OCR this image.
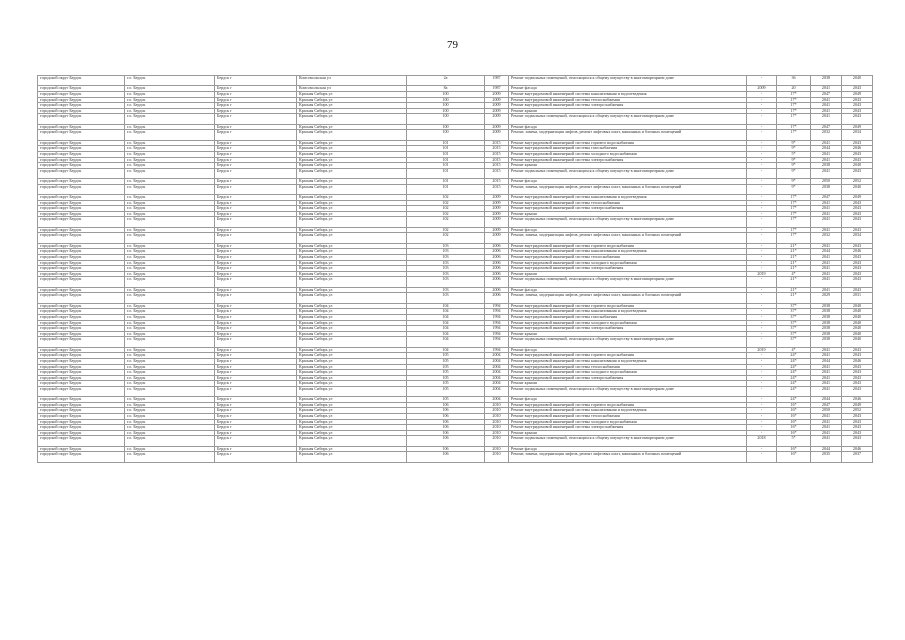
79
городской округ Бердск	г.о. Бердск	Бердск г	Комсомольская ул	2а	1987	Ремонт подвальных помещений, относящихся к общему имуществу в многоквартирном доме	-	36	2038	2040
городской округ Бердск	г.о. Бердск	Бердск г	Комсомольская ул	8а	1987	Ремонт фасада	2009	20	2041	2043
городской округ Бердск	г.о. Бердск	Бердск г	Красная Сибирь ул	100	2009	Ремонт внутридомовой инженерной системы канализования и водоотведения	-	17*	2047	2049
городской округ Бердск	г.о. Бердск	Бердск г	Красная Сибирь ул	100	2009	Ремонт внутридомовой инженерной системы теплоснабжения	-	17*	2041	2043
городской округ Бердск	г.о. Бердск	Бердск г	Красная Сибирь ул	100	2009	Ремонт внутридомовой инженерной системы электроснабжения	-	17*	2041	2043
городской округ Бердск	г.о. Бердск	Бердск г	Красная Сибирь ул	100	2009	Ремонт крыши	-	17*	2041	2043
городской округ Бердск	г.о. Бердск	Бердск г	Красная Сибирь ул	100	2009	Ремонт подвальных помещений, относящихся к общему имуществу в многоквартирном доме	-	17*	2041	2043
городской округ Бердск	г.о. Бердск	Бердск г	Красная Сибирь ул	100	2009	Ремонт фасада	-	17*	2047	2049
городской округ Бердск	г.о. Бердск	Бердск г	Красная Сибирь ул	100	2009	Ремонт, замена, модернизация лифтов, ремонт лифтовых шахт, машинных и блочных помещений	-	17*	2032	2034
городской округ Бердск	г.о. Бердск	Бердск г	Красная Сибирь ул	101	2015	Ремонт внутридомовой инженерной системы горячего водоснабжения	-	9*	2041	2043
городской округ Бердск	г.о. Бердск	Бердск г	Красная Сибирь ул	101	2015	Ремонт внутридомовой инженерной системы газоснабжения	-	9*	2044	2046
городской округ Бердск	г.о. Бердск	Бердск г	Красная Сибирь ул	101	2015	Ремонт внутридомовой инженерной системы холодного водоснабжения	-	5*	2041	2043
городской округ Бердск	г.о. Бердск	Бердск г	Красная Сибирь ул	101	2015	Ремонт внутридомовой инженерной системы электроснабжения	-	9*	2041	2043
городской округ Бердск	г.о. Бердск	Бердск г	Красная Сибирь ул	101	2015	Ремонт крыши	-	9*	2038	2040
городской округ Бердск	г.о. Бердск	Бердск г	Красная Сибирь ул	101	2015	Ремонт подвальных помещений, относящихся к общему имуществу в многоквартирном доме	-	9*	2041	2043
городской округ Бердск	г.о. Бердск	Бердск г	Красная Сибирь ул	101	2015	Ремонт фасада	-	9*	2050	2052
городской округ Бердск	г.о. Бердск	Бердск г	Красная Сибирь ул	101	2015	Ремонт, замена, модернизация лифтов, ремонт лифтовых шахт, машинных и блочных помещений	-	9*	2038	2040
городской округ Бердск	г.о. Бердск	Бердск г	Красная Сибирь ул	102	2009	Ремонт внутридомовой инженерной системы канализования и водоотведения	-	17*	2047	2049
городской округ Бердск	г.о. Бердск	Бердск г	Красная Сибирь ул	102	2009	Ремонт внутридомовой инженерной системы теплоснабжения	-	17*	2041	2043
городской округ Бердск	г.о. Бердск	Бердск г	Красная Сибирь ул	102	2009	Ремонт внутридомовой инженерной системы электроснабжения	-	17*	2041	2043
городской округ Бердск	г.о. Бердск	Бердск г	Красная Сибирь ул	102	2009	Ремонт крыши	-	17*	2041	2043
городской округ Бердск	г.о. Бердск	Бердск г	Красная Сибирь ул	102	2009	Ремонт подвальных помещений, относящихся к общему имуществу в многоквартирном доме	-	17*	2041	2043
городской округ Бердск	г.о. Бердск	Бердск г	Красная Сибирь ул	102	2009	Ремонт фасада	-	17*	2041	2043
городской округ Бердск	г.о. Бердск	Бердск г	Красная Сибирь ул	102	2009	Ремонт, замена, модернизация лифтов, ремонт лифтовых шахт, машинных и блочных помещений	-	17*	2032	2034
городской округ Бердск	г.о. Бердск	Бердск г	Красная Сибирь ул	103	2006	Ремонт внутридомовой инженерной системы горячего водоснабжения	-	21*	2041	2043
городской округ Бердск	г.о. Бердск	Бердск г	Красная Сибирь ул	103	2006	Ремонт внутридомовой инженерной системы канализования и водоотведения	-	21*	2044	2046
городской округ Бердск	г.о. Бердск	Бердск г	Красная Сибирь ул	103	2006	Ремонт внутридомовой инженерной системы теплоснабжения	-	21*	2041	2043
городской округ Бердск	г.о. Бердск	Бердск г	Красная Сибирь ул	103	2006	Ремонт внутридомовой инженерной системы холодного водоснабжения	-	21*	2041	2043
городской округ Бердск	г.о. Бердск	Бердск г	Красная Сибирь ул	103	2006	Ремонт внутридомовой инженерной системы электроснабжения	-	21*	2041	2043
городской округ Бердск	г.о. Бердск	Бердск г	Красная Сибирь ул	103	2006	Ремонт крыши	2019	4*	2041	2043
городской округ Бердск	г.о. Бердск	Бердск г	Красная Сибирь ул	103	2006	Ремонт подвальных помещений, относящихся к общему имуществу в многоквартирном доме	-	21*	2041	2043
городской округ Бердск	г.о. Бердск	Бердск г	Красная Сибирь ул	103	2006	Ремонт фасада	-	21*	2041	2043
городской округ Бердск	г.о. Бердск	Бердск г	Красная Сибирь ул	103	2006	Ремонт, замена, модернизация лифтов, ремонт лифтовых шахт, машинных и блочных помещений	-	21*	2029	2031
городской округ Бердск	г.о. Бердск	Бердск г	Красная Сибирь ул	104	1994	Ремонт внутридомовой инженерной системы горячего водоснабжения	-	37*	2038	2040
городской округ Бердск	г.о. Бердск	Бердск г	Красная Сибирь ул	104	1994	Ремонт внутридомовой инженерной системы канализования и водоотведения	-	37*	2038	2040
городской округ Бердск	г.о. Бердск	Бердск г	Красная Сибирь ул	104	1994	Ремонт внутридомовой инженерной системы газоснабжения	-	37*	2038	2040
городской округ Бердск	г.о. Бердск	Бердск г	Красная Сибирь ул	104	1994	Ремонт внутридомовой инженерной системы холодного водоснабжения	-	37*	2038	2040
городской округ Бердск	г.о. Бердск	Бердск г	Красная Сибирь ул	104	1994	Ремонт внутридомовой инженерной системы электроснабжения	-	37*	2038	2040
городской округ Бердск	г.о. Бердск	Бердск г	Красная Сибирь ул	104	1994	Ремонт крыши	-	37*	2038	2040
городской округ Бердск	г.о. Бердск	Бердск г	Красная Сибирь ул	104	1994	Ремонт подвальных помещений, относящихся к общему имуществу в многоквартирном доме	-	37*	2038	2040
городской округ Бердск	г.о. Бердск	Бердск г	Красная Сибирь ул	104	1994	Ремонт фасада	2019	4*	2041	2043
городской округ Бердск	г.о. Бердск	Бердск г	Красная Сибирь ул	105	2004	Ремонт внутридомовой инженерной системы горячего водоснабжения	-	24*	2041	2043
городской округ Бердск	г.о. Бердск	Бердск г	Красная Сибирь ул	105	2004	Ремонт внутридомовой инженерной системы канализования и водоотведения	-	24*	2044	2046
городской округ Бердск	г.о. Бердск	Бердск г	Красная Сибирь ул	105	2004	Ремонт внутридомовой инженерной системы теплоснабжения	-	24*	2041	2043
городской округ Бердск	г.о. Бердск	Бердск г	Красная Сибирь ул	105	2004	Ремонт внутридомовой инженерной системы холодного водоснабжения	-	24*	2041	2043
городской округ Бердск	г.о. Бердск	Бердск г	Красная Сибирь ул	105	2004	Ремонт внутридомовой инженерной системы электроснабжения	-	24*	2041	2043
городской округ Бердск	г.о. Бердск	Бердск г	Красная Сибирь ул	105	2004	Ремонт крыши	-	24*	2041	2043
городской округ Бердск	г.о. Бердск	Бердск г	Красная Сибирь ул	105	2004	Ремонт подвальных помещений, относящихся к общему имуществу в многоквартирном доме	-	24*	2041	2043
городской округ Бердск	г.о. Бердск	Бердск г	Красная Сибирь ул	105	2004	Ремонт фасада	-	24*	2044	2046
городской округ Бердск	г.о. Бердск	Бердск г	Красная Сибирь ул	106	2010	Ремонт внутридомовой инженерной системы горячего водоснабжения	-	16*	2047	2049
городской округ Бердск	г.о. Бердск	Бердск г	Красная Сибирь ул	106	2010	Ремонт внутридомовой инженерной системы канализования и водоотведения	-	16*	2050	2052
городской округ Бердск	г.о. Бердск	Бердск г	Красная Сибирь ул	106	2010	Ремонт внутридомовой инженерной системы теплоснабжения	-	16*	2041	2043
городской округ Бердск	г.о. Бердск	Бердск г	Красная Сибирь ул	106	2010	Ремонт внутридомовой инженерной системы холодного водоснабжения	-	16*	2041	2043
городской округ Бердск	г.о. Бердск	Бердск г	Красная Сибирь ул	106	2010	Ремонт внутридомовой инженерной системы электроснабжения	-	16*	2041	2043
городской округ Бердск	г.о. Бердск	Бердск г	Красная Сибирь ул	106	2010	Ремонт крыши	-	16*	2041	2043
городской округ Бердск	г.о. Бердск	Бердск г	Красная Сибирь ул	106	2010	Ремонт подвальных помещений, относящихся к общему имуществу в многоквартирном доме	2018	5*	2041	2043
городской округ Бердск	г.о. Бердск	Бердск г	Красная Сибирь ул	106	2010	Ремонт фасада	-	16*	2044	2046
городской округ Бердск	г.о. Бердск	Бердск г	Красная Сибирь ул	106	2010	Ремонт, замена, модернизация лифтов, ремонт лифтовых шахт, машинных и блочных помещений	-	16*	2035	2037
